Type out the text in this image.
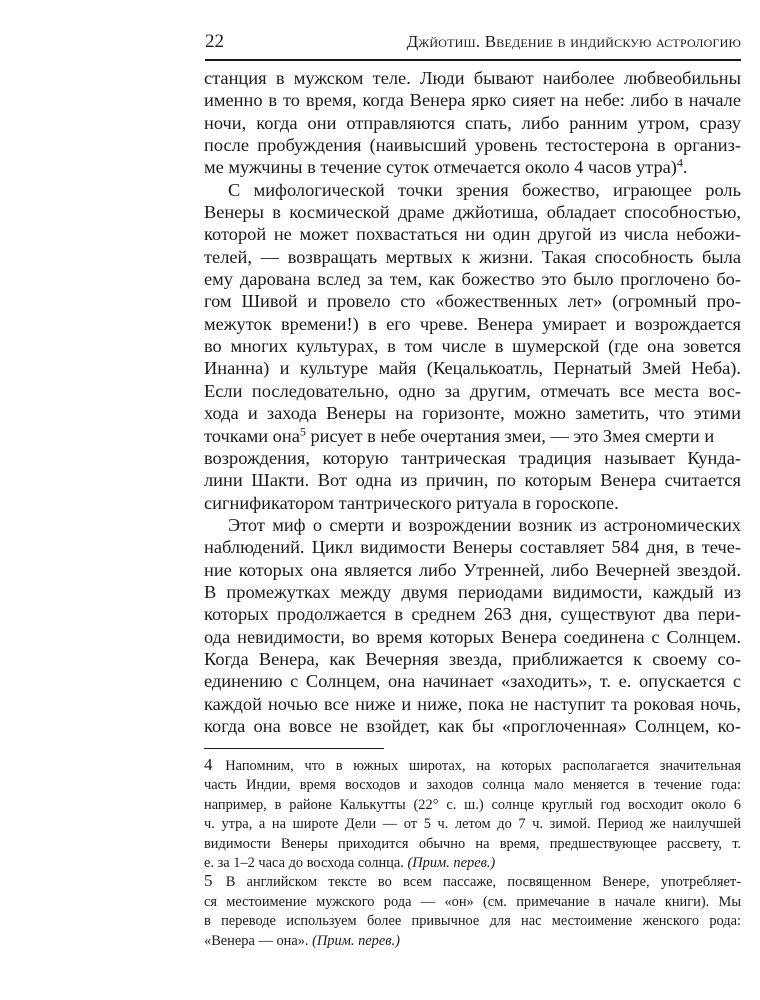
22	Джйотиш. Введение в индийскую астрологию

станция в мужском теле. Люди бывают наиболее любвеобильны

именно в то время, когда Венера ярко сияет на небе: либо в начале

ночи, когда они отправляются спать, либо ранним утром, сразу

после пробуждения (наивысший уровень тестостерона в организ-

ме мужчины в течение суток отмечается около 4 часов утра)$^4$.

С мифологической точки зрения божество, играющее роль

Венеры в космической драме джйотиша, обладает способностью,

которой не может похвастаться ни один другой из числа небожи-

телей, — возвращать мертвых к жизни. Такая способность была

ему дарована вслед за тем, как божество это было проглочено бо-

гом Шивой и провело сто «божественных лет» (огромный про-

межуток времени!) в его чреве. Венера умирает и возрождается

во многих культурах, в том числе в шумерской (где она зовется

Инанна) и культуре майя (Кецалькоатль, Пернатый Змей Неба).

Если последовательно, одно за другим, отмечать все места вос-

хода и захода Венеры на горизонте, можно заметить, что этими

точками она$^5$ рисует в небе очертания змеи, — это Змея смерти и

возрождения, которую тантрическая традиция называет Кунда-

лини Шакти. Вот одна из причин, по которым Венера считается

сигнификатором тантрического ритуала в гороскопе.

Этот миф о смерти и возрождении возник из астрономических

наблюдений. Цикл видимости Венеры составляет 584 дня, в тече-

ние которых она является либо Утренней, либо Вечерней звездой.

В промежутках между двумя периодами видимости, каждый из

которых продолжается в среднем 263 дня, существуют два пери-

ода невидимости, во время которых Венера соединена с Солнцем.

Когда Венера, как Вечерняя звезда, приближается к своему со-

единению с Солнцем, она начинает «заходить», т. е. опускается с

каждой ночью все ниже и ниже, пока не наступит та роковая ночь,

когда она вовсе не взойдет, как бы «проглоченная» Солнцем, ко-

4 Напомним, что в южных широтах, на которых располагается значительная

часть Индии, время восходов и заходов солнца мало меняется в течение года:

например, в районе Калькутты (22° с. ш.) солнце круглый год восходит около 6

ч. утра, а на широте Дели — от 5 ч. летом до 7 ч. зимой. Период же наилучшей

видимости Венеры приходится обычно на время, предшествующее рассвету, т.

е. за 1–2 часа до восхода солнца. (Прим. перев.)

5 В английском тексте во всем пассаже, посвященном Венере, употребляет-

ся местоимение мужского рода — «он» (см. примечание в начале книги). Мы

в переводе используем более привычное для нас местоимение женского рода:

«Венера — она». (Прим. перев.)
